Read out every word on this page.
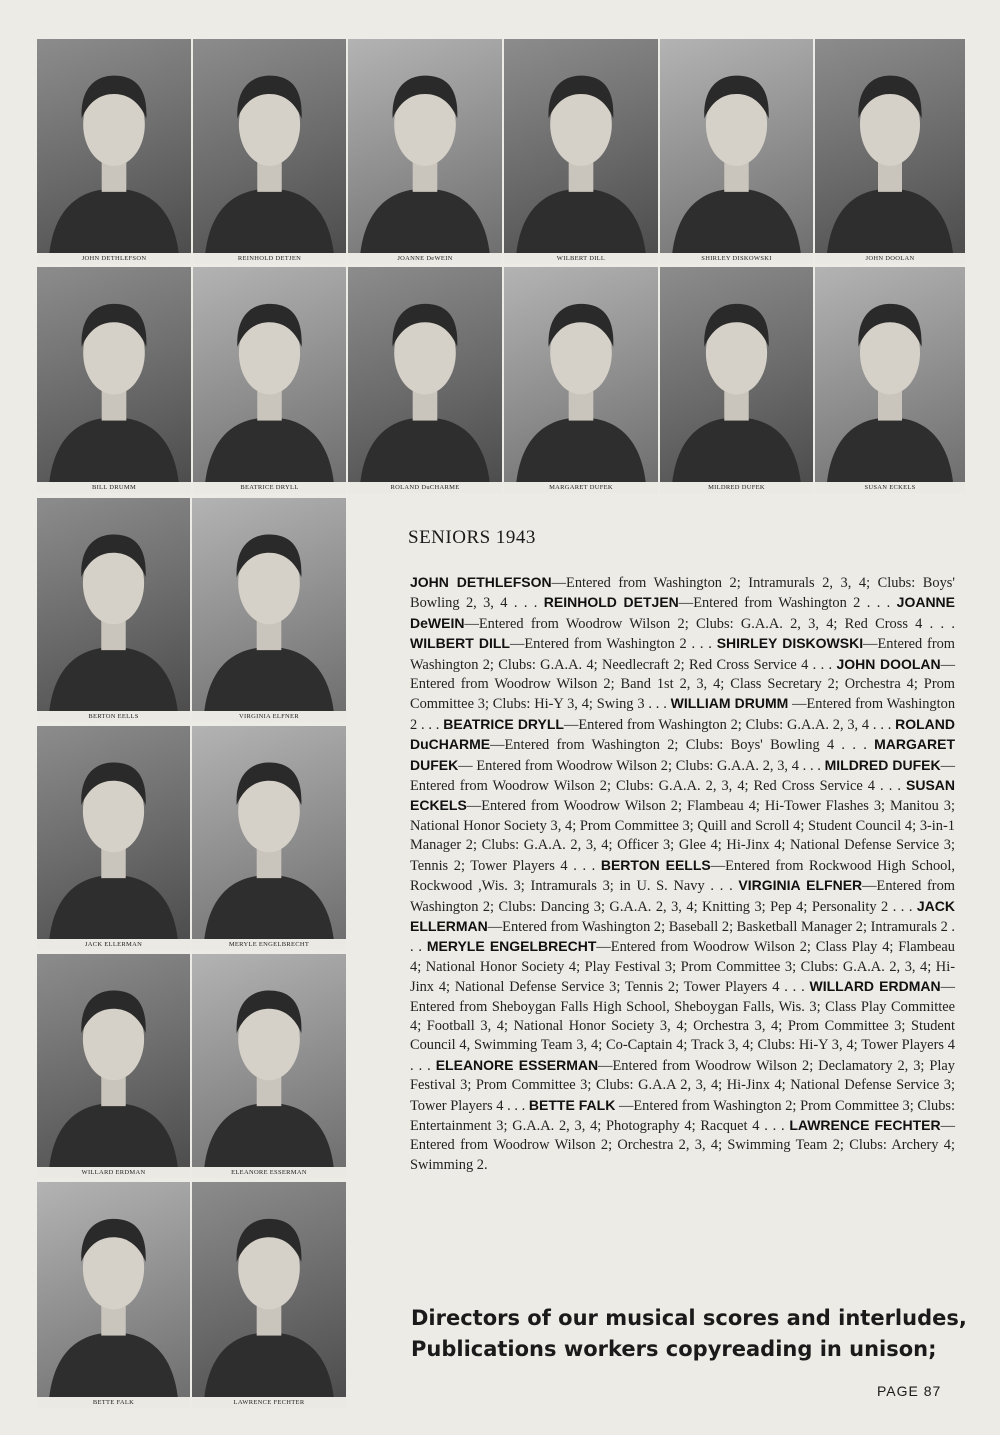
JOHN DETHLEFSON	REINHOLD DETJEN	JOANNE DeWEIN	WILBERT DILL	SHIRLEY DISKOWSKI	JOHN DOOLAN
BILL DRUMM	BEATRICE DRYLL	ROLAND DuCHARME	MARGARET DUFEK	MILDRED DUFEK	SUSAN ECKELS
BERTON EELLS	VIRGINIA ELFNER
JACK ELLERMAN	MERYLE ENGELBRECHT
WILLARD ERDMAN	ELEANORE ESSERMAN
BETTE FALK	LAWRENCE FECHTER
SENIORS 1943
JOHN DETHLEFSON—Entered from Washington 2; Intramurals 2, 3, 4; Clubs: Boys' Bowling 2, 3, 4 . . . REINHOLD DETJEN—Entered from Washington 2 . . . JOANNE DeWEIN—Entered from Woodrow Wilson 2; Clubs: G.A.A. 2, 3, 4; Red Cross 4 . . . WILBERT DILL—Entered from Washington 2 . . . SHIRLEY DISKOWSKI—Entered from Washington 2; Clubs: G.A.A. 4; Needlecraft 2; Red Cross Service 4 . . . JOHN DOOLAN—Entered from Woodrow Wilson 2; Band 1st 2, 3, 4; Class Secretary 2; Orchestra 4; Prom Committee 3; Clubs: Hi-Y 3, 4; Swing 3 . . . WILLIAM DRUMM —Entered from Washington 2 . . . BEATRICE DRYLL—Entered from Washington 2; Clubs: G.A.A. 2, 3, 4 . . . ROLAND DuCHARME—Entered from Washington 2; Clubs: Boys' Bowling 4 . . . MARGARET DUFEK— Entered from Woodrow Wilson 2; Clubs: G.A.A. 2, 3, 4 . . . MILDRED DUFEK—Entered from Woodrow Wilson 2; Clubs: G.A.A. 2, 3, 4; Red Cross Service 4 . . . SUSAN ECKELS—Entered from Woodrow Wilson 2; Flambeau 4; Hi-Tower Flashes 3; Manitou 3; National Honor Society 3, 4; Prom Committee 3; Quill and Scroll 4; Student Council 4; 3-in-1 Manager 2; Clubs: G.A.A. 2, 3, 4; Officer 3; Glee 4; Hi-Jinx 4; National Defense Service 3; Tennis 2; Tower Players 4 . . . BERTON EELLS—Entered from Rockwood High School, Rockwood ,Wis. 3; Intramurals 3; in U. S. Navy . . . VIRGINIA ELFNER—Entered from Washington 2; Clubs: Dancing 3; G.A.A. 2, 3, 4; Knitting 3; Pep 4; Personality 2 . . . JACK ELLERMAN—Entered from Washington 2; Baseball 2; Basketball Manager 2; Intramurals 2 . . . MERYLE ENGELBRECHT—Entered from Woodrow Wilson 2; Class Play 4; Flambeau 4; National Honor Society 4; Play Festival 3; Prom Committee 3; Clubs: G.A.A. 2, 3, 4; Hi-Jinx 4; National Defense Service 3; Tennis 2; Tower Players 4 . . . WILLARD ERDMAN—Entered from Sheboygan Falls High School, Sheboygan Falls, Wis. 3; Class Play Committee 4; Football 3, 4; National Honor Society 3, 4; Orchestra 3, 4; Prom Committee 3; Student Council 4, Swimming Team 3, 4; Co-Captain 4; Track 3, 4; Clubs: Hi-Y 3, 4; Tower Players 4 . . . ELEANORE ESSERMAN—Entered from Woodrow Wilson 2; Declamatory 2, 3; Play Festival 3; Prom Committee 3; Clubs: G.A.A 2, 3, 4; Hi-Jinx 4; National Defense Service 3; Tower Players 4 . . . BETTE FALK —Entered from Washington 2; Prom Committee 3; Clubs: Entertainment 3; G.A.A. 2, 3, 4; Photography 4; Racquet 4 . . . LAWRENCE FECHTER— Entered from Woodrow Wilson 2; Orchestra 2, 3, 4; Swimming Team 2; Clubs: Archery 4; Swimming 2.
Directors of our musical scores and interludes,
Publications workers copyreading in unison;
PAGE 87
